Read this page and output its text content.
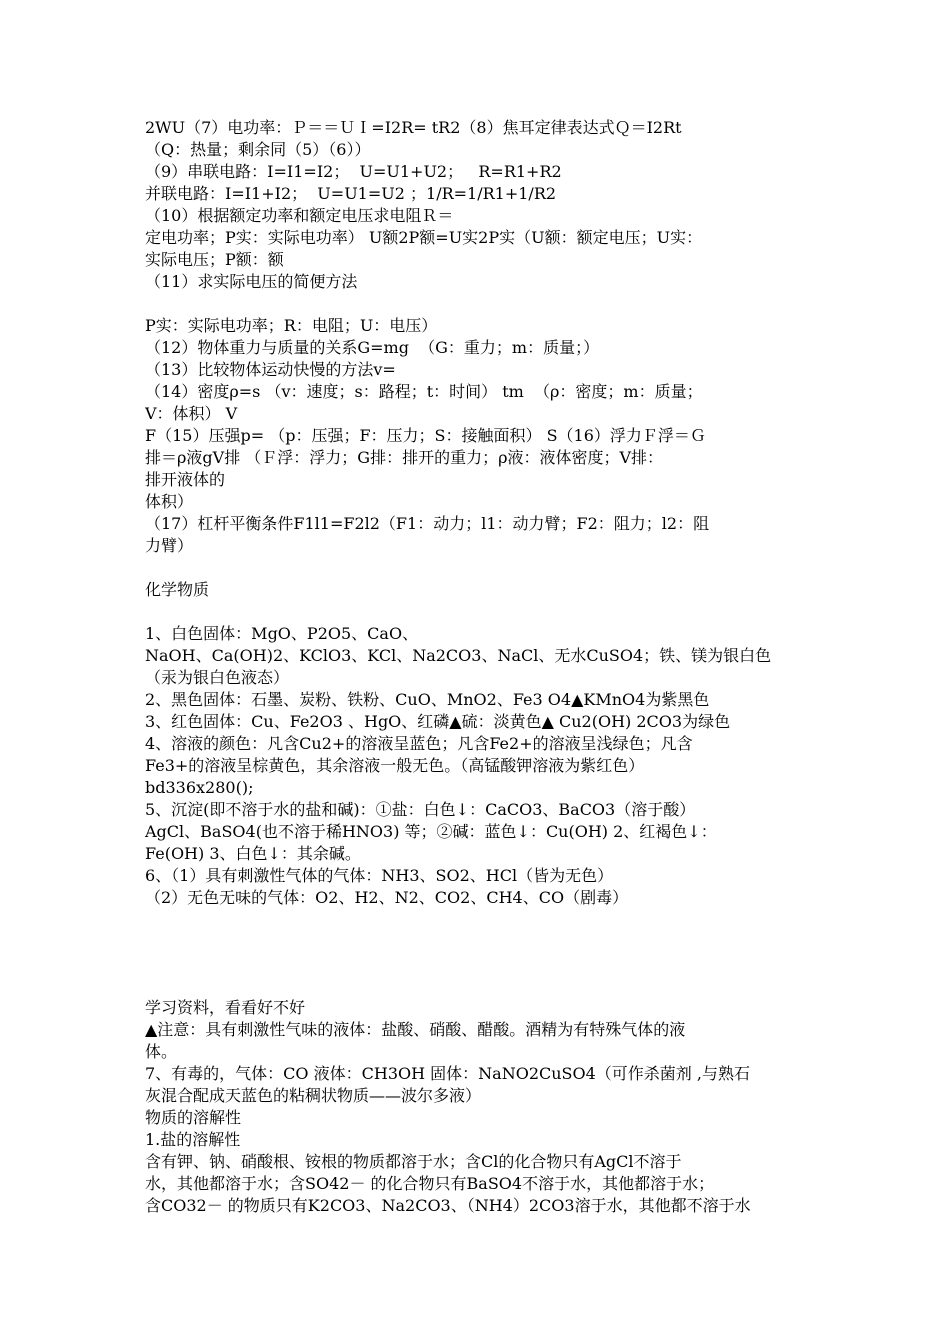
2WU（7）电功率：Ｐ＝＝ＵＩ=I2R= tR2（8）焦耳定律表达式Ｑ＝I2Rt
（Q：热量；剩余同（5）（6））
（9）串联电路：I=I1=I2；  U=U1+U2；   R=R1+R2
并联电路：I=I1+I2；  U=U1=U2 ；1/R=1/R1+1/R2
（10）根据额定功率和额定电压求电阻Ｒ＝
定电功率；P实：实际电功率） U额2P额=U实2P实（U额：额定电压；U实：
实际电压；P额：额
（11）求实际电压的简便方法
P实：实际电功率；R：电阻；U：电压）
（12）物体重力与质量的关系G=mg  （G：重力；m：质量；）
（13）比较物体运动快慢的方法v=
（14）密度ρ=s （v：速度；s：路程；t：时间） tm  （ρ：密度；m：质量；
V：体积） V
F（15）压强p= （p：压强；F：压力；S：接触面积） S（16）浮力Ｆ浮＝Ｇ
排＝ρ液gV排 （Ｆ浮：浮力；G排：排开的重力；ρ液：液体密度；V排：
排开液体的
体积）
（17）杠杆平衡条件F1l1=F2l2（F1：动力；l1：动力臂；F2：阻力；l2：阻
力臂）
化学物质
1、白色固体：MgO、P2O5、CaO、
NaOH、Ca(OH)2、KClO3、KCl、Na2CO3、NaCl、无水CuSO4；铁、镁为银白色
（汞为银白色液态）
2、黑色固体：石墨、炭粉、铁粉、CuO、MnO2、Fe3 O4▲KMnO4为紫黑色
3、红色固体：Cu、Fe2O3 、HgO、红磷▲硫：淡黄色▲ Cu2(OH) 2CO3为绿色
4、溶液的颜色：凡含Cu2+的溶液呈蓝色；凡含Fe2+的溶液呈浅绿色；凡含
Fe3+的溶液呈棕黄色，其余溶液一般无色。（高锰酸钾溶液为紫红色）
bd336x280();
5、沉淀(即不溶于水的盐和碱)：①盐：白色↓：CaCO3、BaCO3（溶于酸）
AgCl、BaSO4(也不溶于稀HNO3) 等；②碱：蓝色↓：Cu(OH) 2、红褐色↓：
Fe(OH) 3、白色↓：其余碱。
6、（1）具有刺激性气体的气体：NH3、SO2、HCl（皆为无色）
（2）无色无味的气体：O2、H2、N2、CO2、CH4、CO（剧毒）
学习资料，看看好不好
▲注意：具有刺激性气味的液体：盐酸、硝酸、醋酸。酒精为有特殊气体的液
体。
7、有毒的，气体：CO 液体：CH3OH 固体：NaNO2CuSO4（可作杀菌剂 ,与熟石
灰混合配成天蓝色的粘稠状物质——波尔多液）
物质的溶解性
1.盐的溶解性
含有钾、钠、硝酸根、铵根的物质都溶于水；含Cl的化合物只有AgCl不溶于
水，其他都溶于水；含SO42－ 的化合物只有BaSO4不溶于水，其他都溶于水；
含CO32－ 的物质只有K2CO3、Na2CO3、（NH4）2CO3溶于水，其他都不溶于水
